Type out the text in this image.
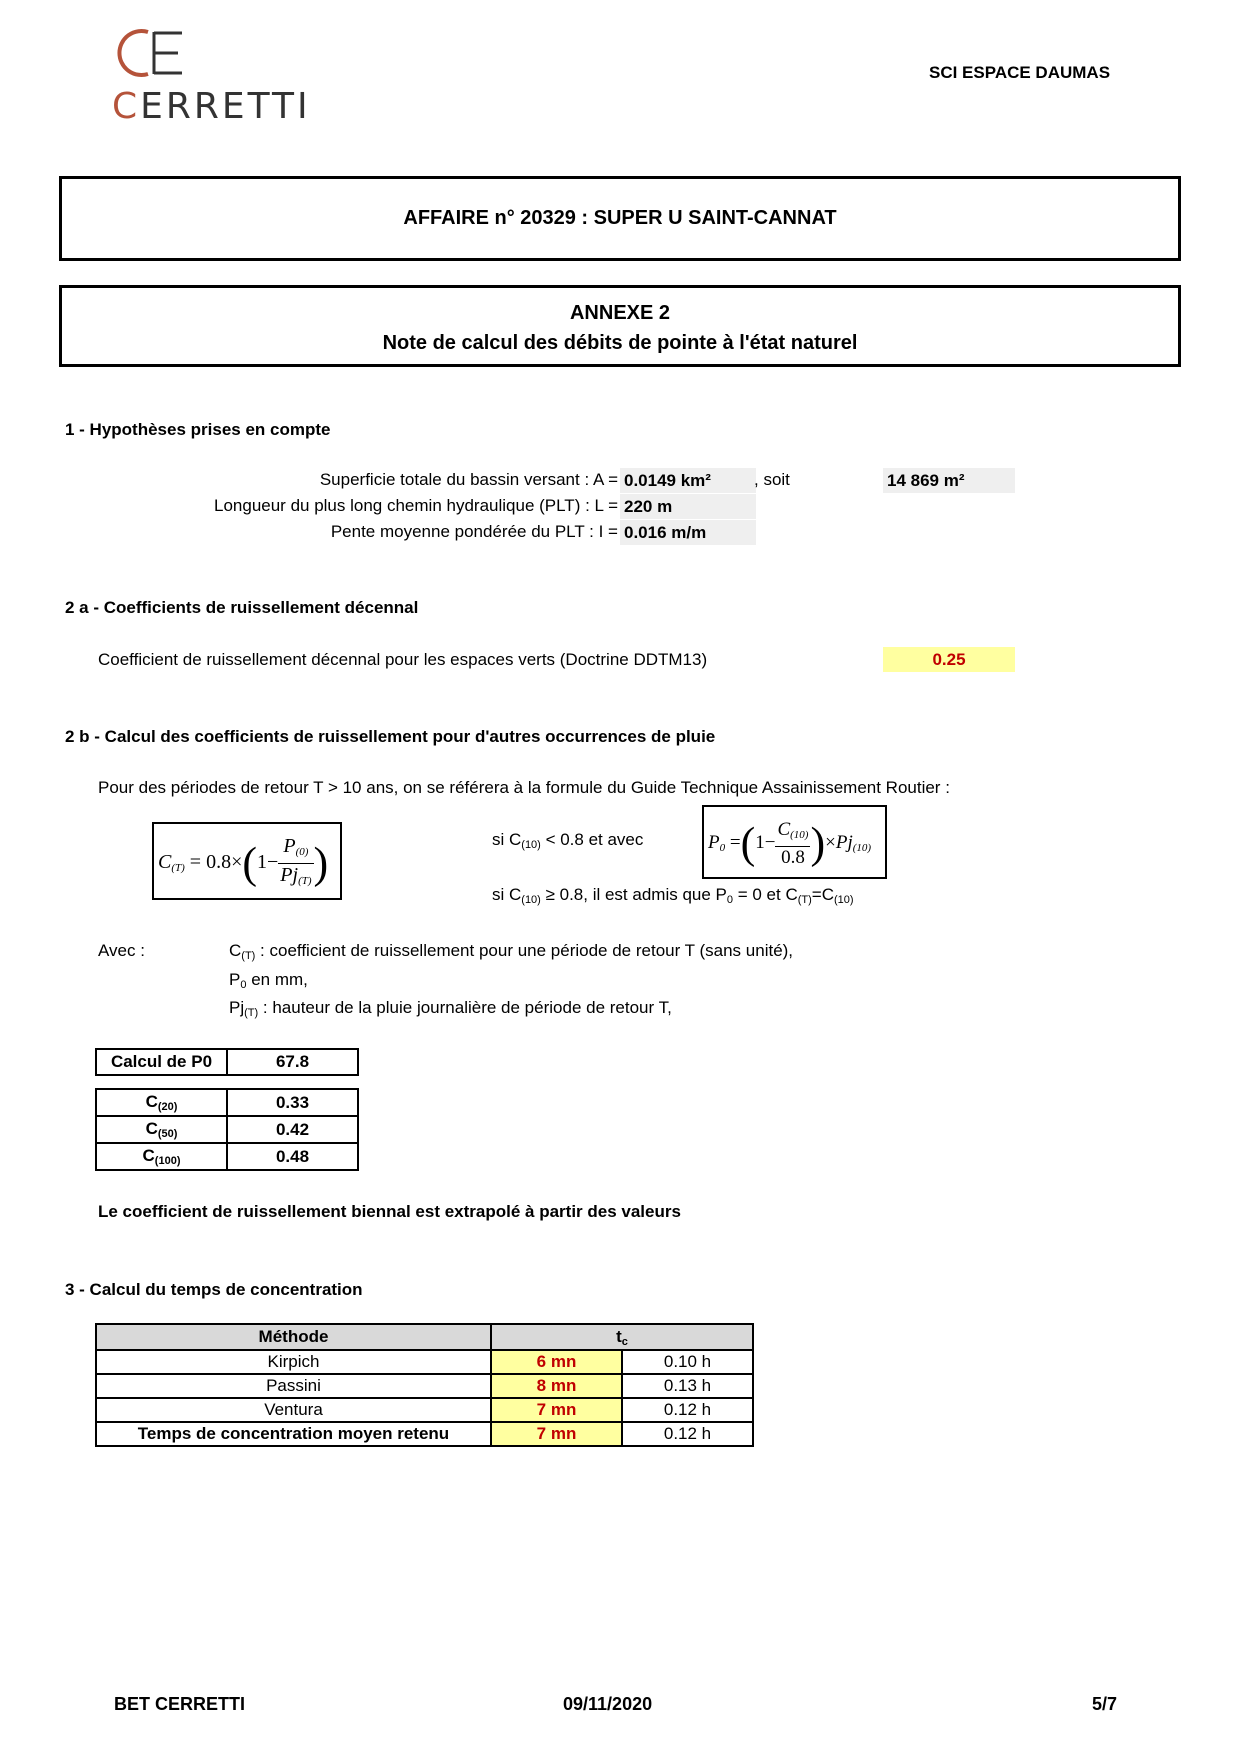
CERRETTI
SCI ESPACE DAUMAS
AFFAIRE n° 20329 : SUPER U SAINT-CANNAT
ANNEXE 2
Note de calcul des débits de pointe à l'état naturel
1 - Hypothèses prises en compte
Superficie totale du bassin versant : A = 0.0149 km²	, soit	14 869 m²
Longueur du plus long chemin hydraulique (PLT) : L = 220 m
Pente moyenne pondérée du PLT : I = 0.016 m/m
2 a - Coefficients de ruissellement décennal
Coefficient de ruissellement décennal pour les espaces verts (Doctrine DDTM13)	0.25
2 b - Calcul des coefficients de ruissellement pour d'autres occurrences de pluie
Pour des périodes de retour T > 10 ans, on se référera à la formule du Guide Technique Assainissement Routier :
$C_{(T)} = 0.8\times(1- \frac{P_{(0)}}{Pj_{(T)}}$ )	si $C_{(10)} < 0.8$ et avec	$P_0 =(1- \frac{C_{(10)}}{0.8} )\times Pj_{(10)}$
si $C_{(10)} \ge 0.8$, il est admis que $P_0 = 0$ et $C_{(T)}=C_{(10)}$
Avec :	$C_{(T)}$ : coefficient de ruissellement pour une période de retour T (sans unité),
$P_0$ en mm,
$Pj_{(T)}$ : hauteur de la pluie journalière de période de retour T,
Calcul de P0	67.8
$C_{(20)}$	0.33
$C_{(50)}$	0.42
$C_{(100)}$	0.48
Le coefficient de ruissellement biennal est extrapolé à partir des valeurs
3 - Calcul du temps de concentration
Méthode	$t_c$
Kirpich	6 mn	0.10 h
Passini	8 mn	0.13 h
Ventura	7 mn	0.12 h
Temps de concentration moyen retenu	7 mn	0.12 h
BET CERRETTI	09/11/2020	5/7
